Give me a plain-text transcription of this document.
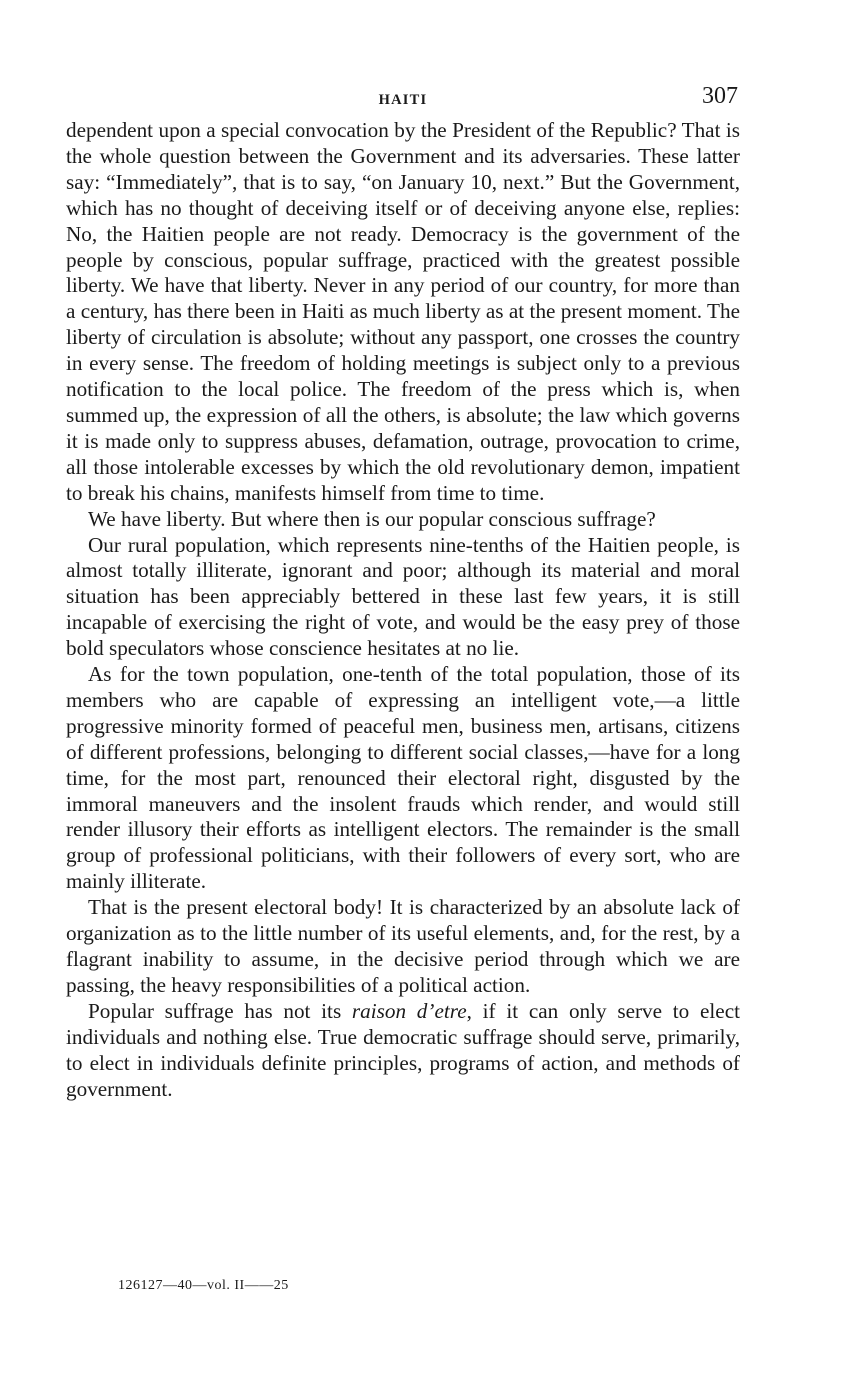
HAITI	307

dependent upon a special convocation by the President of the Republic? That is the whole question between the Government and its adversaries. These latter say: “Immediately”, that is to say, “on January 10, next.” But the Government, which has no thought of deceiving itself or of deceiving anyone else, replies: No, the Haitien people are not ready. Democracy is the government of the people by conscious, popular suffrage, practiced with the greatest possible liberty. We have that liberty. Never in any period of our country, for more than a century, has there been in Haiti as much liberty as at the present moment. The liberty of circulation is absolute; without any passport, one crosses the country in every sense. The freedom of holding meetings is subject only to a previous notification to the local police. The freedom of the press which is, when summed up, the expression of all the others, is absolute; the law which governs it is made only to suppress abuses, defamation, outrage, provocation to crime, all those intolerable excesses by which the old revolutionary demon, impatient to break his chains, manifests himself from time to time.

We have liberty. But where then is our popular conscious suffrage?

Our rural population, which represents nine-tenths of the Haitien people, is almost totally illiterate, ignorant and poor; although its material and moral situation has been appreciably bettered in these last few years, it is still incapable of exercising the right of vote, and would be the easy prey of those bold speculators whose conscience hesitates at no lie.

As for the town population, one-tenth of the total population, those of its members who are capable of expressing an intelligent vote,—a little progressive minority formed of peaceful men, business men, artisans, citizens of different professions, belonging to different social classes,—have for a long time, for the most part, renounced their electoral right, disgusted by the immoral maneuvers and the insolent frauds which render, and would still render illusory their efforts as intelligent electors. The remainder is the small group of professional politicians, with their followers of every sort, who are mainly illiterate.

That is the present electoral body! It is characterized by an absolute lack of organization as to the little number of its useful elements, and, for the rest, by a flagrant inability to assume, in the decisive period through which we are passing, the heavy responsibilities of a political action.

Popular suffrage has not its raison d’etre, if it can only serve to elect individuals and nothing else. True democratic suffrage should serve, primarily, to elect in individuals definite principles, programs of action, and methods of government.

126127—40—vol. II——25
